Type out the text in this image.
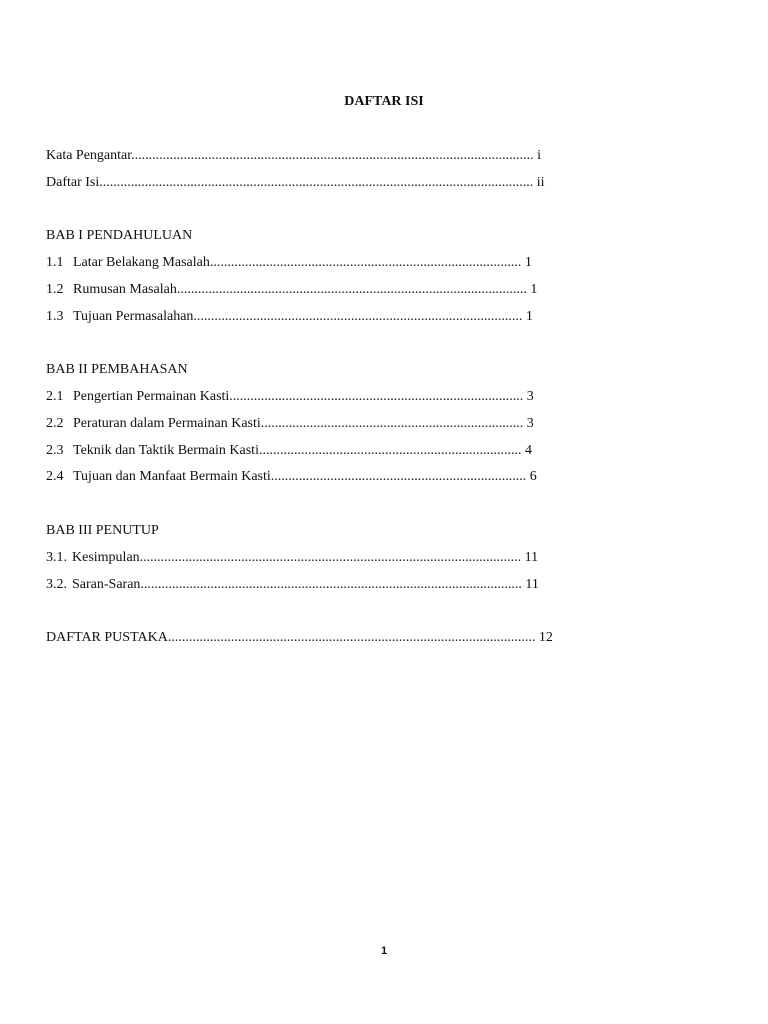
DAFTAR ISI
Kata Pengantar................................................................................................................... i
Daftar Isi............................................................................................................................ ii
BAB I PENDAHULUAN
1.1 Latar Belakang Masalah......................................................................................... 1
1.2 Rumusan Masalah.................................................................................................... 1
1.3 Tujuan Permasalahan.............................................................................................. 1
BAB II PEMBAHASAN
2.1 Pengertian Permainan Kasti.................................................................................... 3
2.2 Peraturan dalam Permainan Kasti........................................................................... 3
2.3 Teknik dan Taktik Bermain Kasti........................................................................... 4
2.4 Tujuan dan Manfaat Bermain Kasti......................................................................... 6
BAB III PENUTUP
3.1. Kesimpulan............................................................................................................. 11
3.2. Saran-Saran............................................................................................................. 11
DAFTAR PUSTAKA......................................................................................................... 12
1
